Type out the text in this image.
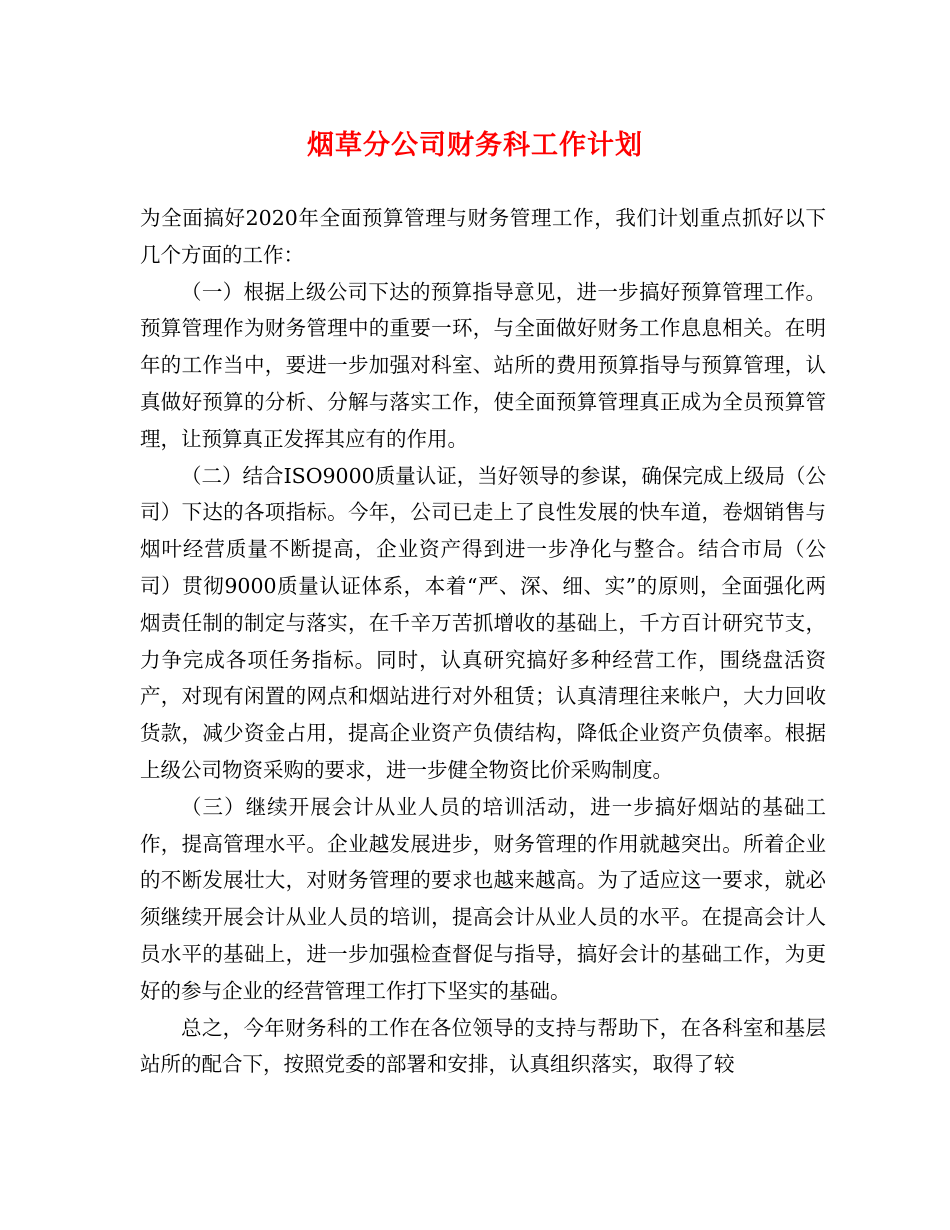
烟草分公司财务科工作计划

为全面搞好2020年全面预算管理与财务管理工作，我们计划重点抓好以下几个方面的工作：

（一）根据上级公司下达的预算指导意见，进一步搞好预算管理工作。预算管理作为财务管理中的重要一环，与全面做好财务工作息息相关。在明年的工作当中，要进一步加强对科室、站所的费用预算指导与预算管理，认真做好预算的分析、分解与落实工作，使全面预算管理真正成为全员预算管理，让预算真正发挥其应有的作用。

（二）结合ISO9000质量认证，当好领导的参谋，确保完成上级局（公司）下达的各项指标。今年，公司已走上了良性发展的快车道，卷烟销售与烟叶经营质量不断提高，企业资产得到进一步净化与整合。结合市局（公司）贯彻9000质量认证体系，本着“严、深、细、实”的原则，全面强化两烟责任制的制定与落实，在千辛万苦抓增收的基础上，千方百计研究节支，力争完成各项任务指标。同时，认真研究搞好多种经营工作，围绕盘活资产，对现有闲置的网点和烟站进行对外租赁；认真清理往来帐户，大力回收货款，减少资金占用，提高企业资产负债结构，降低企业资产负债率。根据上级公司物资采购的要求，进一步健全物资比价采购制度。

（三）继续开展会计从业人员的培训活动，进一步搞好烟站的基础工作，提高管理水平。企业越发展进步，财务管理的作用就越突出。所着企业的不断发展壮大，对财务管理的要求也越来越高。为了适应这一要求，就必须继续开展会计从业人员的培训，提高会计从业人员的水平。在提高会计人员水平的基础上，进一步加强检查督促与指导，搞好会计的基础工作，为更好的参与企业的经营管理工作打下坚实的基础。

总之，今年财务科的工作在各位领导的支持与帮助下，在各科室和基层站所的配合下，按照党委的部署和安排，认真组织落实，取得了较
